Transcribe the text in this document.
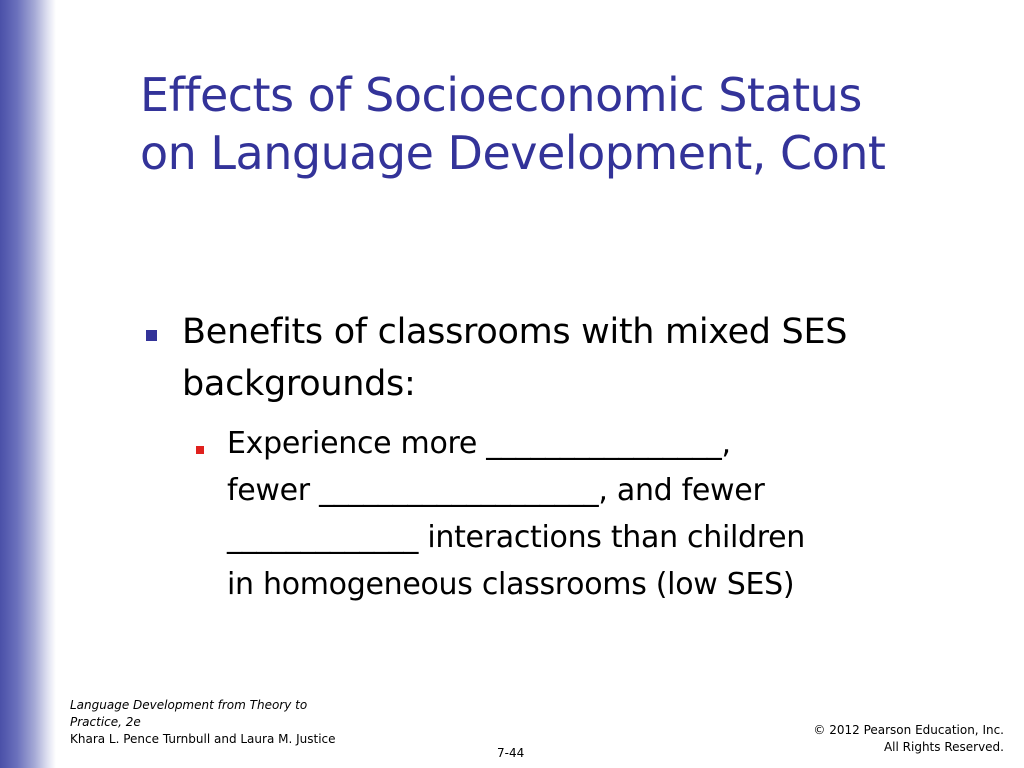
Effects of Socioeconomic Status
on Language Development, Cont
Benefits of classrooms with mixed SES
backgrounds:
Experience more ________________,
fewer ___________________, and fewer
_____________ interactions than children
in homogeneous classrooms (low SES)
Language Development from Theory to
Practice, 2e
Khara L. Pence Turnbull and Laura M. Justice
© 2012 Pearson Education, Inc.
All Rights Reserved.
7-44
